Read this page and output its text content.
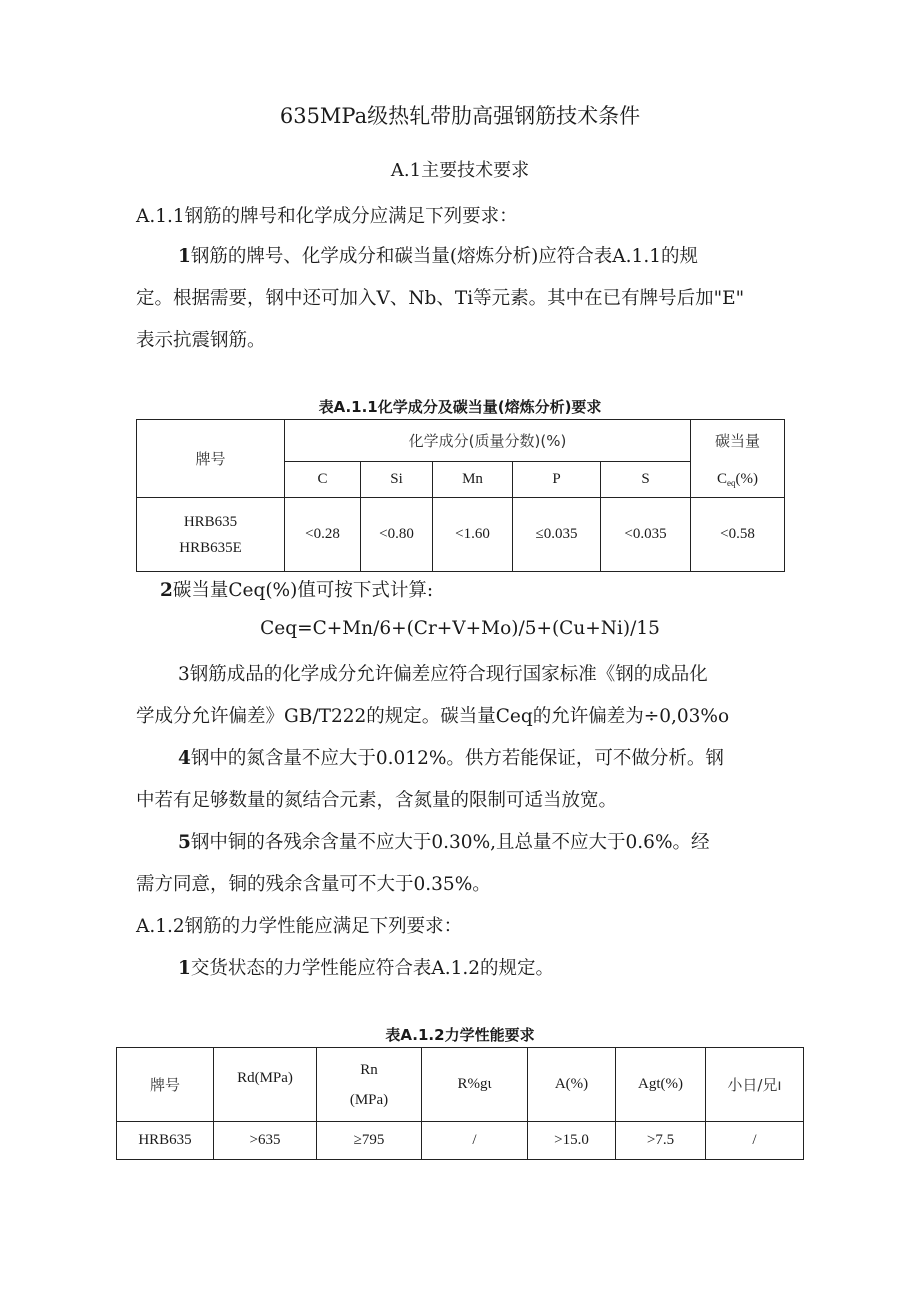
635MPa级热轧带肋高强钢筋技术条件
A.1主要技术要求
A.1.1钢筋的牌号和化学成分应满足下列要求：
1钢筋的牌号、化学成分和碳当量(熔炼分析)应符合表A.1.1的规
定。根据需要，钢中还可加入V、Nb、Ti等元素。其中在已有牌号后加"E"
表示抗震钢筋。
表A.1.1化学成分及碳当量(熔炼分析)要求
牌号	化学成分(质量分数)(%)					碳当量
	C	Si	Mn	P	S	$C_{eq}(\%)$

HRB635
HRB635E	<0.28	<0.80	<1.60	≤0.035	<0.035	<0.58
2碳当量Ceq(%)值可按下式计算:
Ceq=C+Mn/6+(Cr+V+Mo)/5+(Cu+Ni)/15
3钢筋成品的化学成分允许偏差应符合现行国家标准《钢的成品化
学成分允许偏差》GB/T222的规定。碳当量Ceq的允许偏差为÷0,03%o
4钢中的氮含量不应大于0.012%。供方若能保证，可不做分析。钢
中若有足够数量的氮结合元素，含氮量的限制可适当放宽。
5钢中铜的各残余含量不应大于0.30%,且总量不应大于0.6%。经
需方同意，铜的残余含量可不大于0.35%。
A.1.2钢筋的力学性能应满足下列要求：
1交货状态的力学性能应符合表A.1.2的规定。
表A.1.2力学性能要求
牌号	Rd(MPa)	Rn
(MPa)	R%gι	A(%)	Agt(%)	小日/兄ı
HRB635	>635	≥795	/	>15.0	>7.5	/
